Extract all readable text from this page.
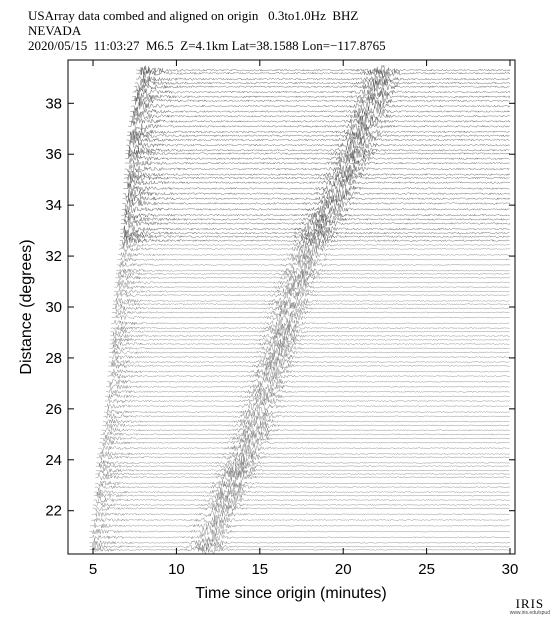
USArray data combed and aligned on origin   0.3to1.0Hz  BHZ
NEVADA
2020/05/15  11:03:27  M6.5  Z=4.1km Lat=38.1588 Lon=−117.8765
5	10	15	20	25	30
22
24
26
28
30
32
34
36
38
Time since origin (minutes)
Distance (degrees)
IRIS
www.iris.edu/spud
